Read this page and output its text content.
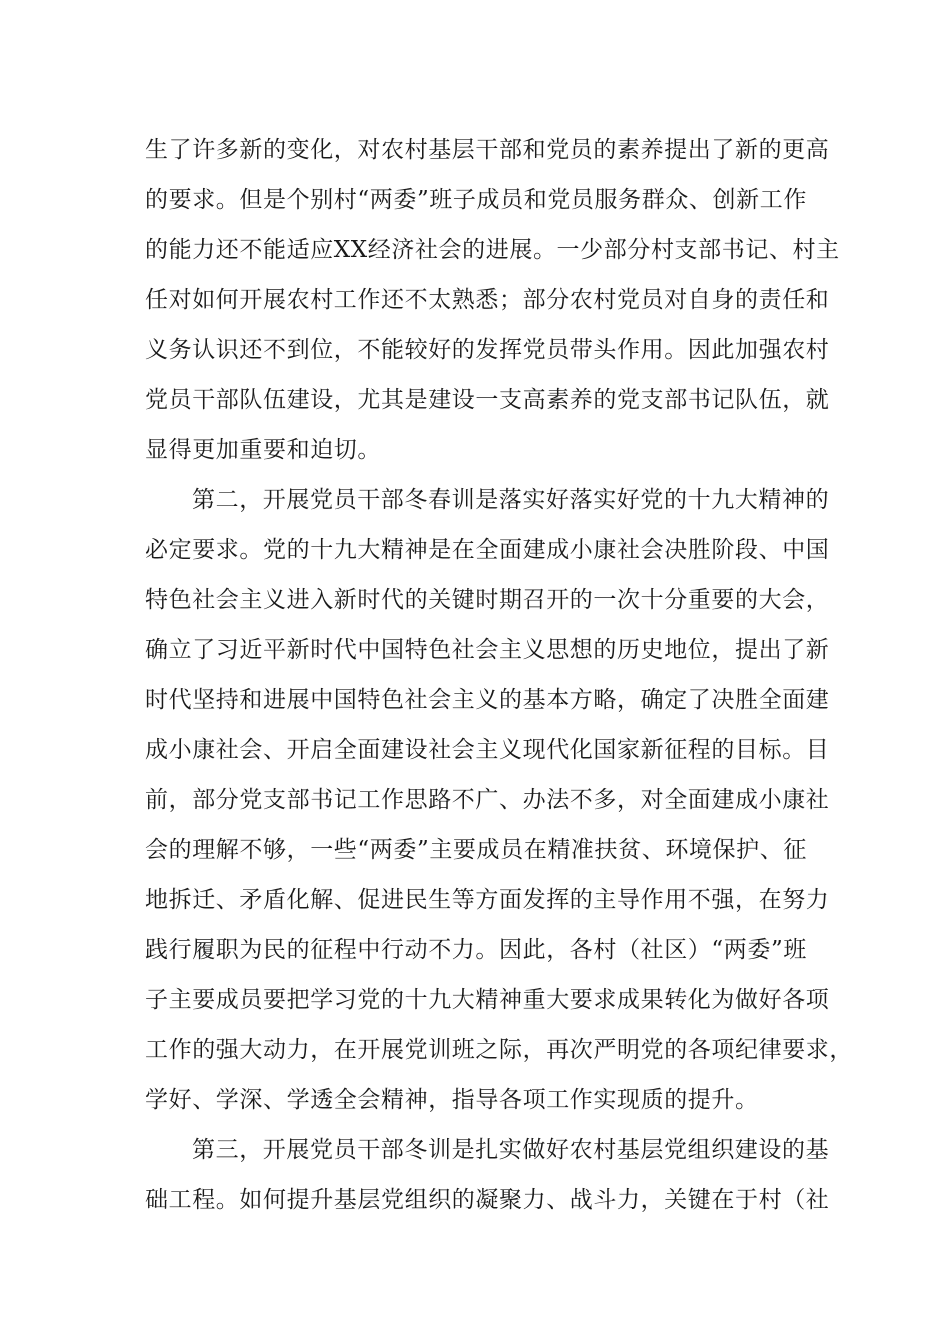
生了许多新的变化，对农村基层干部和党员的素养提出了新的更高
的要求。但是个别村“两委”班子成员和党员服务群众、创新工作
的能力还不能适应XX经济社会的进展。一少部分村支部书记、村主
任对如何开展农村工作还不太熟悉；部分农村党员对自身的责任和
义务认识还不到位，不能较好的发挥党员带头作用。因此加强农村
党员干部队伍建设，尤其是建设一支高素养的党支部书记队伍，就
显得更加重要和迫切。
第二，开展党员干部冬春训是落实好落实好党的十九大精神的
必定要求。党的十九大精神是在全面建成小康社会决胜阶段、中国
特色社会主义进入新时代的关键时期召开的一次十分重要的大会，
确立了习近平新时代中国特色社会主义思想的历史地位，提出了新
时代坚持和进展中国特色社会主义的基本方略，确定了决胜全面建
成小康社会、开启全面建设社会主义现代化国家新征程的目标。目
前，部分党支部书记工作思路不广、办法不多，对全面建成小康社
会的理解不够，一些“两委”主要成员在精准扶贫、环境保护、征
地拆迁、矛盾化解、促进民生等方面发挥的主导作用不强，在努力
践行履职为民的征程中行动不力。因此，各村（社区）“两委”班
子主要成员要把学习党的十九大精神重大要求成果转化为做好各项
工作的强大动力，在开展党训班之际，再次严明党的各项纪律要求，
学好、学深、学透全会精神，指导各项工作实现质的提升。
第三，开展党员干部冬训是扎实做好农村基层党组织建设的基
础工程。如何提升基层党组织的凝聚力、战斗力，关键在于村（社
